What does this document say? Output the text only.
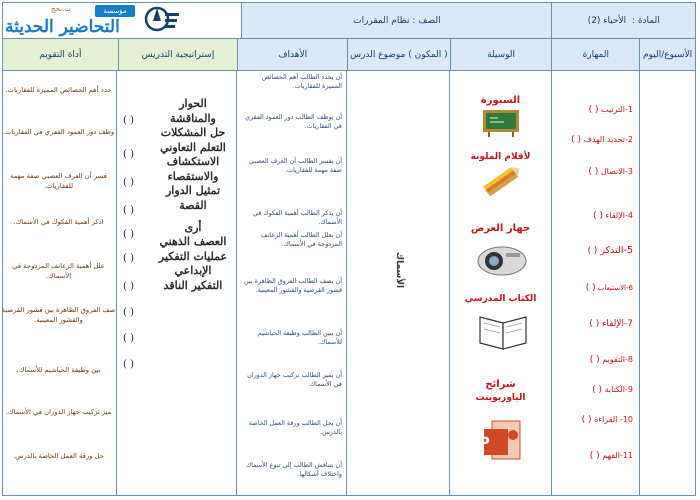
المادة :

الأحياء (2)
الصف :

نظام المقررات
مؤسسة
ت.نحج
التحاضير الحديثة
الأسبوع/اليوم
المهارة
الوسيلة
( المكون ) موضوع الدرس
الأهداف
إستراتيجية التدريس
أداة التقويم
1-الترتيب ( )
2-تحديد الهدف ( )
3-الاتصال ( )
4-الإلقاء ( )
5-التذكر ( )
6-الاستيعاب ( )
7-الإلقاء ( )
8-التقويم ( )
9-الكتابة ( )
10- القراءة ( )
11-الفهم ( )
السبورة
لأقلام الملونة
جهاز العرض
الكتاب المدرسي
شرائح
الباوربوينت
P
الأسماك
أن يحدد الطالب أهم الخصائص المميزة للفقاريات.
أن يوظف الطالب دور العمود الفقري في الفقاريات.
أن يفسر الطالب أن العرف العصبي صفة مهمة للفقاريات.
أن يذكر الطالب أهمية الفكوك في الأسماك.
أن يعلل الطالب أهمية الزعانف المزدوجة في الأسماك.
أن يصف الطالب الفروق الظاهرة بين قشور القرصية والقشور المعينية.
أن يبين الطالب وظيفة الخياشيم للأسماك.
أن يميز الطالب تركيب جهاز الدوران في الأسماك.
أن يحل الطالب ورقة العمل الخاصة بالدرس.
أن يتناقش الطالب إلى تنوع الأسماك واختلاف أشكالها.
الحوار
والمناقشة
حل المشكلات
التعلم التعاوني
الاستكشاف
والاستقصاء
تمثيل الدوار
القصة
أرى
العصف الذهني
عمليات التفكير
الإبداعي
التفكير الناقد
( )
( )
( )
( )
( )
( )
( )
( )
( )
( )
حدد أهم الخصائص المميزة للفقاريات.
وظف دور العمود الفقري في الفقاريات.
فسر أن العرف العصبي صفة مهمة للفقاريات.
اذكر أهمية الفكوك في الأسماك.
علل أهمية الزعانف المزدوجة في الأسماك.
صف الفروق الظاهرة بين قشور القرصية والقشور المعينية.
بين وظيفة الخياشيم للأسماك.
ميز تركيب جهاز الدوران في الأسماك.
حل ورقة العمل الخاصة بالدرس.
